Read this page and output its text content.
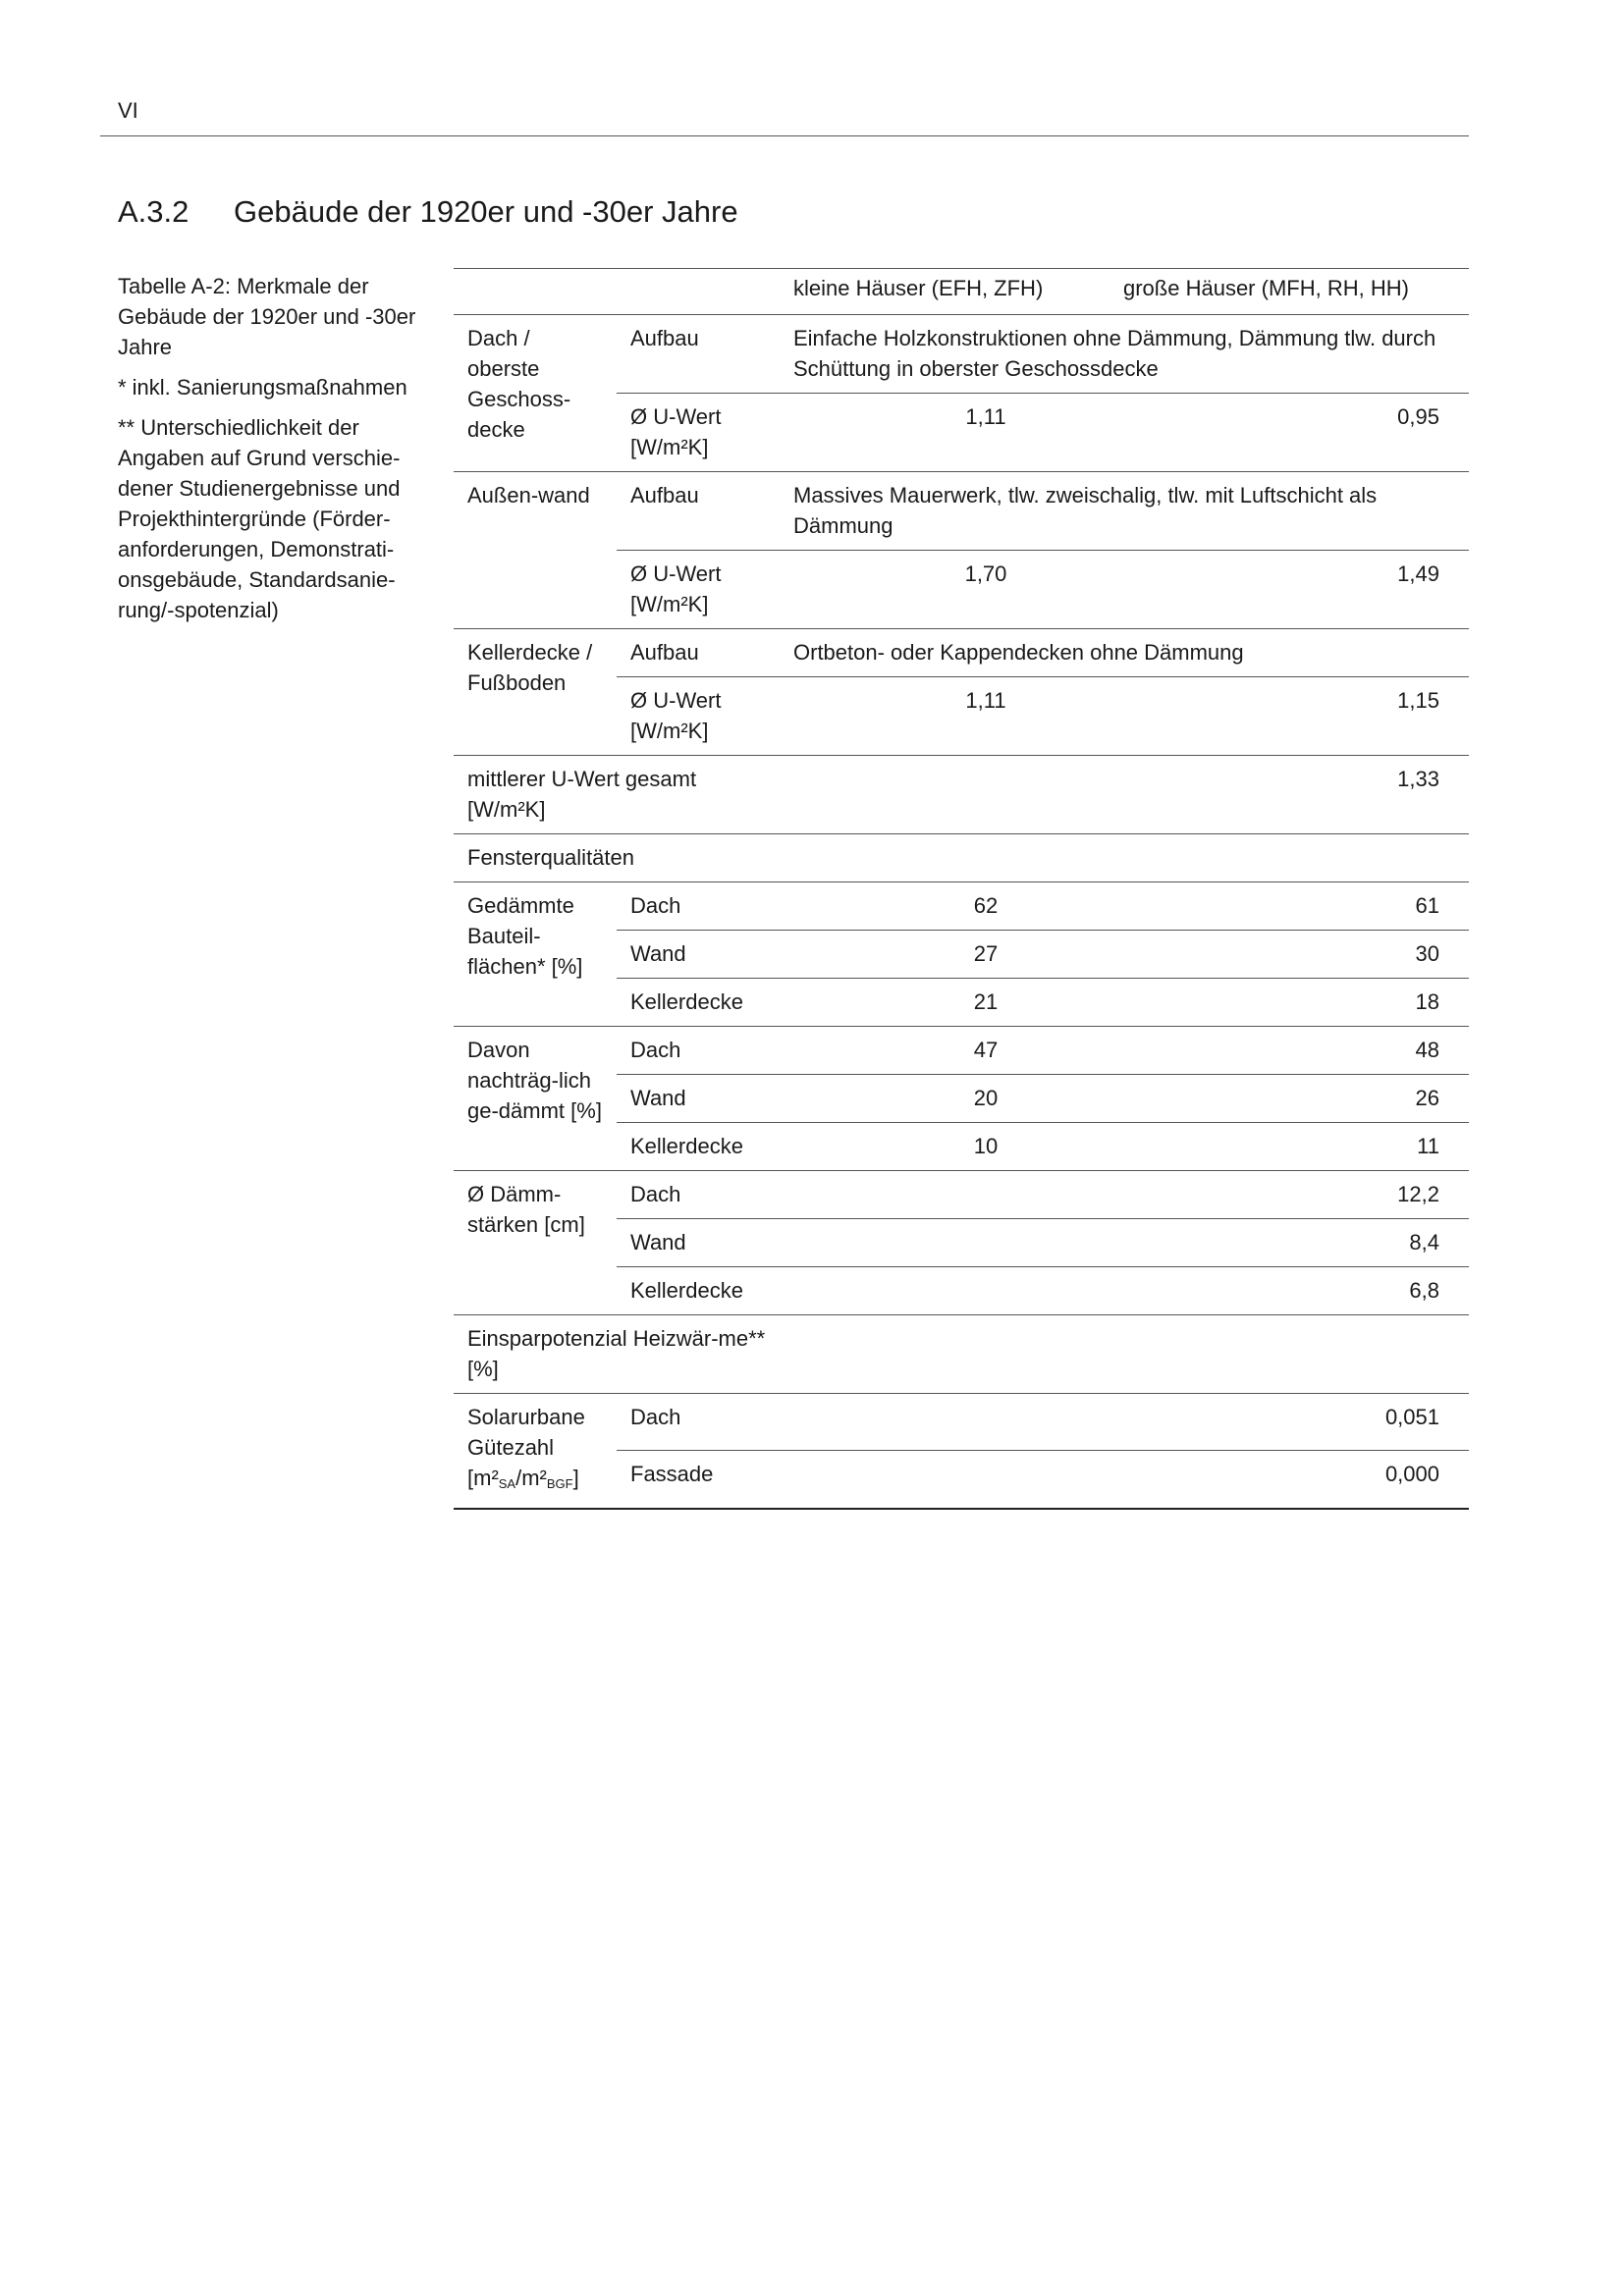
VI
A.3.2 Gebäude der 1920er und -30er Jahre

Tabelle A-2: Merkmale der Gebäude der 1920er und -30er Jahre

* inkl. Sanierungsmaßnahmen

** Unterschiedlichkeit der Angaben auf Grund verschie-dener Studienergebnisse und Projekthintergründe (Förder-anforderungen, Demonstrati-onsgebäude, Standardsanie-rung/-spotenzial)

		kleine Häuser (EFH, ZFH)	große Häuser (MFH, RH, HH)
Dach / oberste Geschoss-decke	Aufbau	Einfache Holzkonstruktionen ohne Dämmung, Dämmung tlw. durch Schüttung in oberster Geschossdecke	
	Ø U-Wert [W/m²K]	1,11	0,95
Außen-wand	Aufbau	Massives Mauerwerk, tlw. zweischalig, tlw. mit Luftschicht als Dämmung	
	Ø U-Wert [W/m²K]	1,70	1,49
Kellerdecke / Fußboden	Aufbau	Ortbeton- oder Kappendecken ohne Dämmung	
	Ø U-Wert [W/m²K]	1,11	1,15
mittlerer U-Wert gesamt [W/m²K]			1,33
Fensterqualitäten			
Gedämmte Bauteil-flächen* [%]	Dach	62	61
	Wand	27	30
	Kellerdecke	21	18
Davon nachträg-lich ge-dämmt [%]	Dach	47	48
	Wand	20	26
	Kellerdecke	10	11
Ø Dämm-stärken [cm]	Dach		12,2
	Wand		8,4
	Kellerdecke		6,8
Einsparpotenzial Heizwär-me** [%]			
Solarurbane Gütezahl
$[m^2_{SA}/m^2_{BGF}]$	Dach		0,051
	Fassade		0,000
